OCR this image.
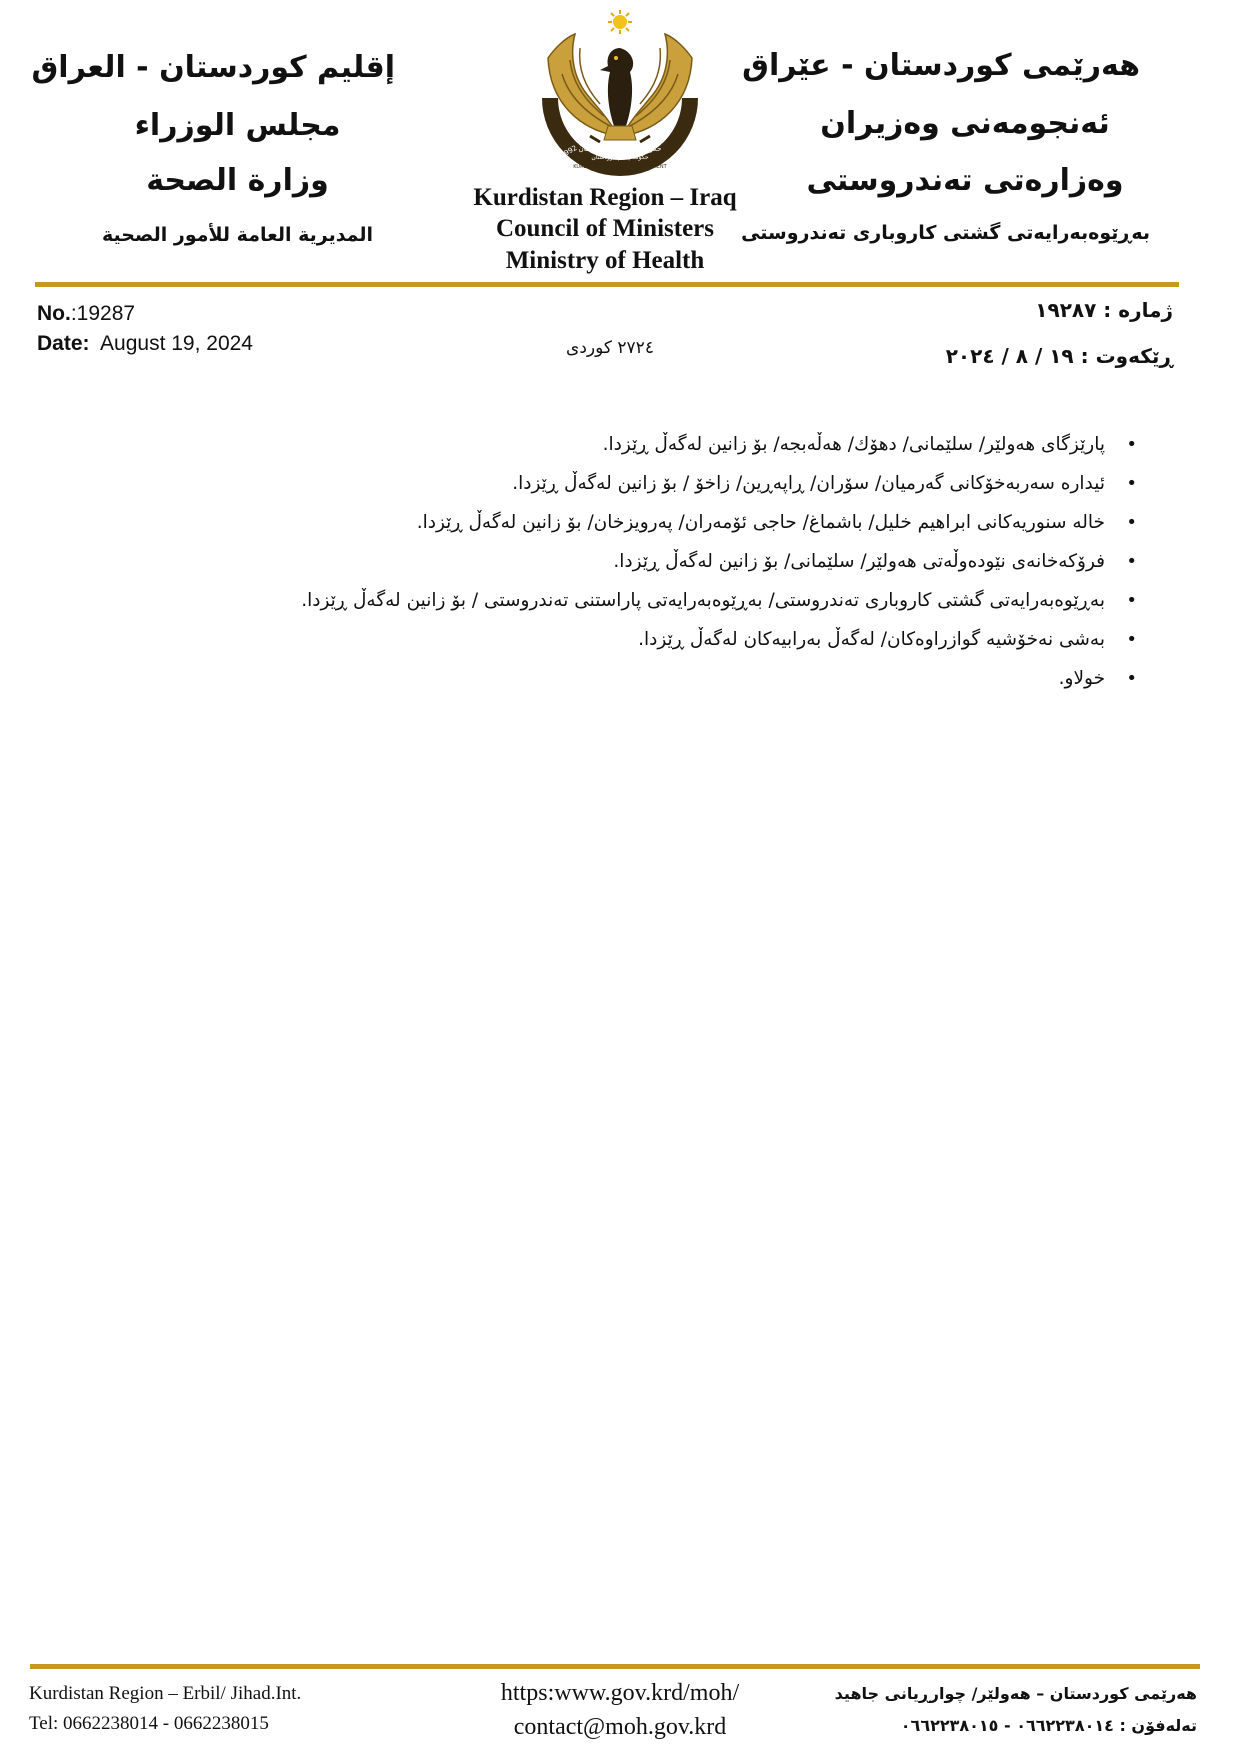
إقليم كوردستان - العراق
مجلس الوزراء
وزارة الصحة
المديرية العامة للأمور الصحية
حكومەتی هەرێمی کوردستان
حكومة إقليم كوردستان
KURDISTAN REGIONAL GOVERNMENT
1992
Kurdistan Region – Iraq
Council of Ministers
Ministry of Health
هەرێمی کوردستان - عێراق
ئەنجومەنی وەزیران
وەزارەتی تەندروستی
بەڕێوەبەرایەتی گشتی کاروباری تەندروستی
No.:19287
Date: August 19, 2024	٢٧٢٤ كوردی
ژمارە : ١٩٢٨٧
ڕێکەوت : ١٩ / ٨ / ٢٠٢٤
•
پارێزگای هەولێر/ سلێمانی/ دهۆك/ هەڵەبجە/ بۆ زانین لەگەڵ ڕێزدا.
•
ئیدارە سەربەخۆکانی گەرمیان/ سۆران/ ڕاپەڕین/ زاخۆ / بۆ زانین لەگەڵ ڕێزدا.
•
خالە سنوریەکانی ابراهیم خلیل/ باشماغ/ حاجی ئۆمەران/ پەرویزخان/ بۆ زانین لەگەڵ ڕێزدا.
•
فرۆکەخانەی نێودەوڵەتی هەولێر/ سلێمانی/ بۆ زانین لەگەڵ ڕێزدا.
•
بەڕێوەبەرایەتی گشتی کاروباری تەندروستی/ بەڕێوەبەرایەتی پاراستنی تەندروستی / بۆ زانین لەگەڵ ڕێزدا.
•
بەشی نەخۆشیە گوازراوەکان/ لەگەڵ بەرابیەکان لەگەڵ ڕێزدا.
•
خولاو.
Kurdistan Region – Erbil/ Jihad.Int.
Tel: 0662238014 - 0662238015
https:www.gov.krd/moh/
contact@moh.gov.krd
هەرێمی کوردستان – هەولێر/ چوارڕیانی جاهید
تەلەفۆن : ٠٦٦٢٢٣٨٠١٤ - ٠٦٦٢٢٣٨٠١٥
